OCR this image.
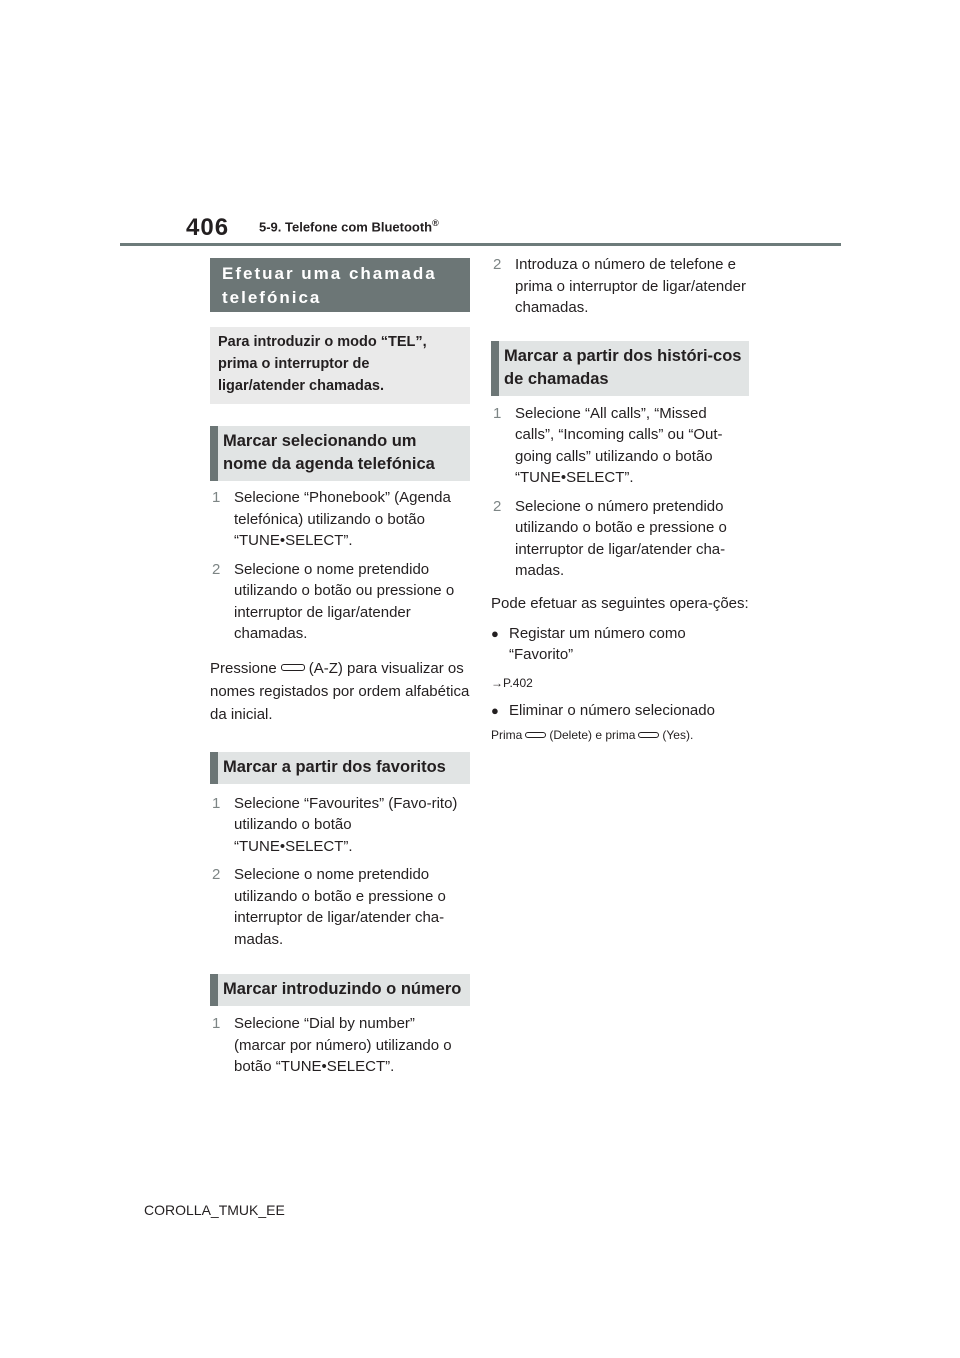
406 5-9. Telefone com Bluetooth®
Efetuar uma chamada telefónica
Para introduzir o modo “TEL”, prima o interruptor de ligar/atender chamadas.
Marcar selecionando um nome da agenda telefónica
1 Selecione “Phonebook” (Agenda telefónica) utilizando o botão “TUNE•SELECT”.
2 Selecione o nome pretendido utilizando o botão ou pressione o interruptor de ligar/atender chamadas.
Pressione (A-Z) para visualizar os nomes registados por ordem alfabética da inicial.
Marcar a partir dos favoritos
1 Selecione “Favourites” (Favo-rito) utilizando o botão “TUNE•SELECT”.
2 Selecione o nome pretendido utilizando o botão e pressione o interruptor de ligar/atender cha-madas.
Marcar introduzindo o número
1 Selecione “Dial by number” (marcar por número) utilizando o botão “TUNE•SELECT”.
2 Introduza o número de telefone e prima o interruptor de ligar/atender chamadas.
Marcar a partir dos históri-cos de chamadas
1 Selecione “All calls”, “Missed calls”, “Incoming calls” ou “Out-going calls” utilizando o botão “TUNE•SELECT”.
2 Selecione o número pretendido utilizando o botão e pressione o interruptor de ligar/atender cha-madas.
Pode efetuar as seguintes opera-ções:
● Registar um número como “Favorito”
→P.402
● Eliminar o número selecionado
Prima (Delete) e prima (Yes).
COROLLA_TMUK_EE
